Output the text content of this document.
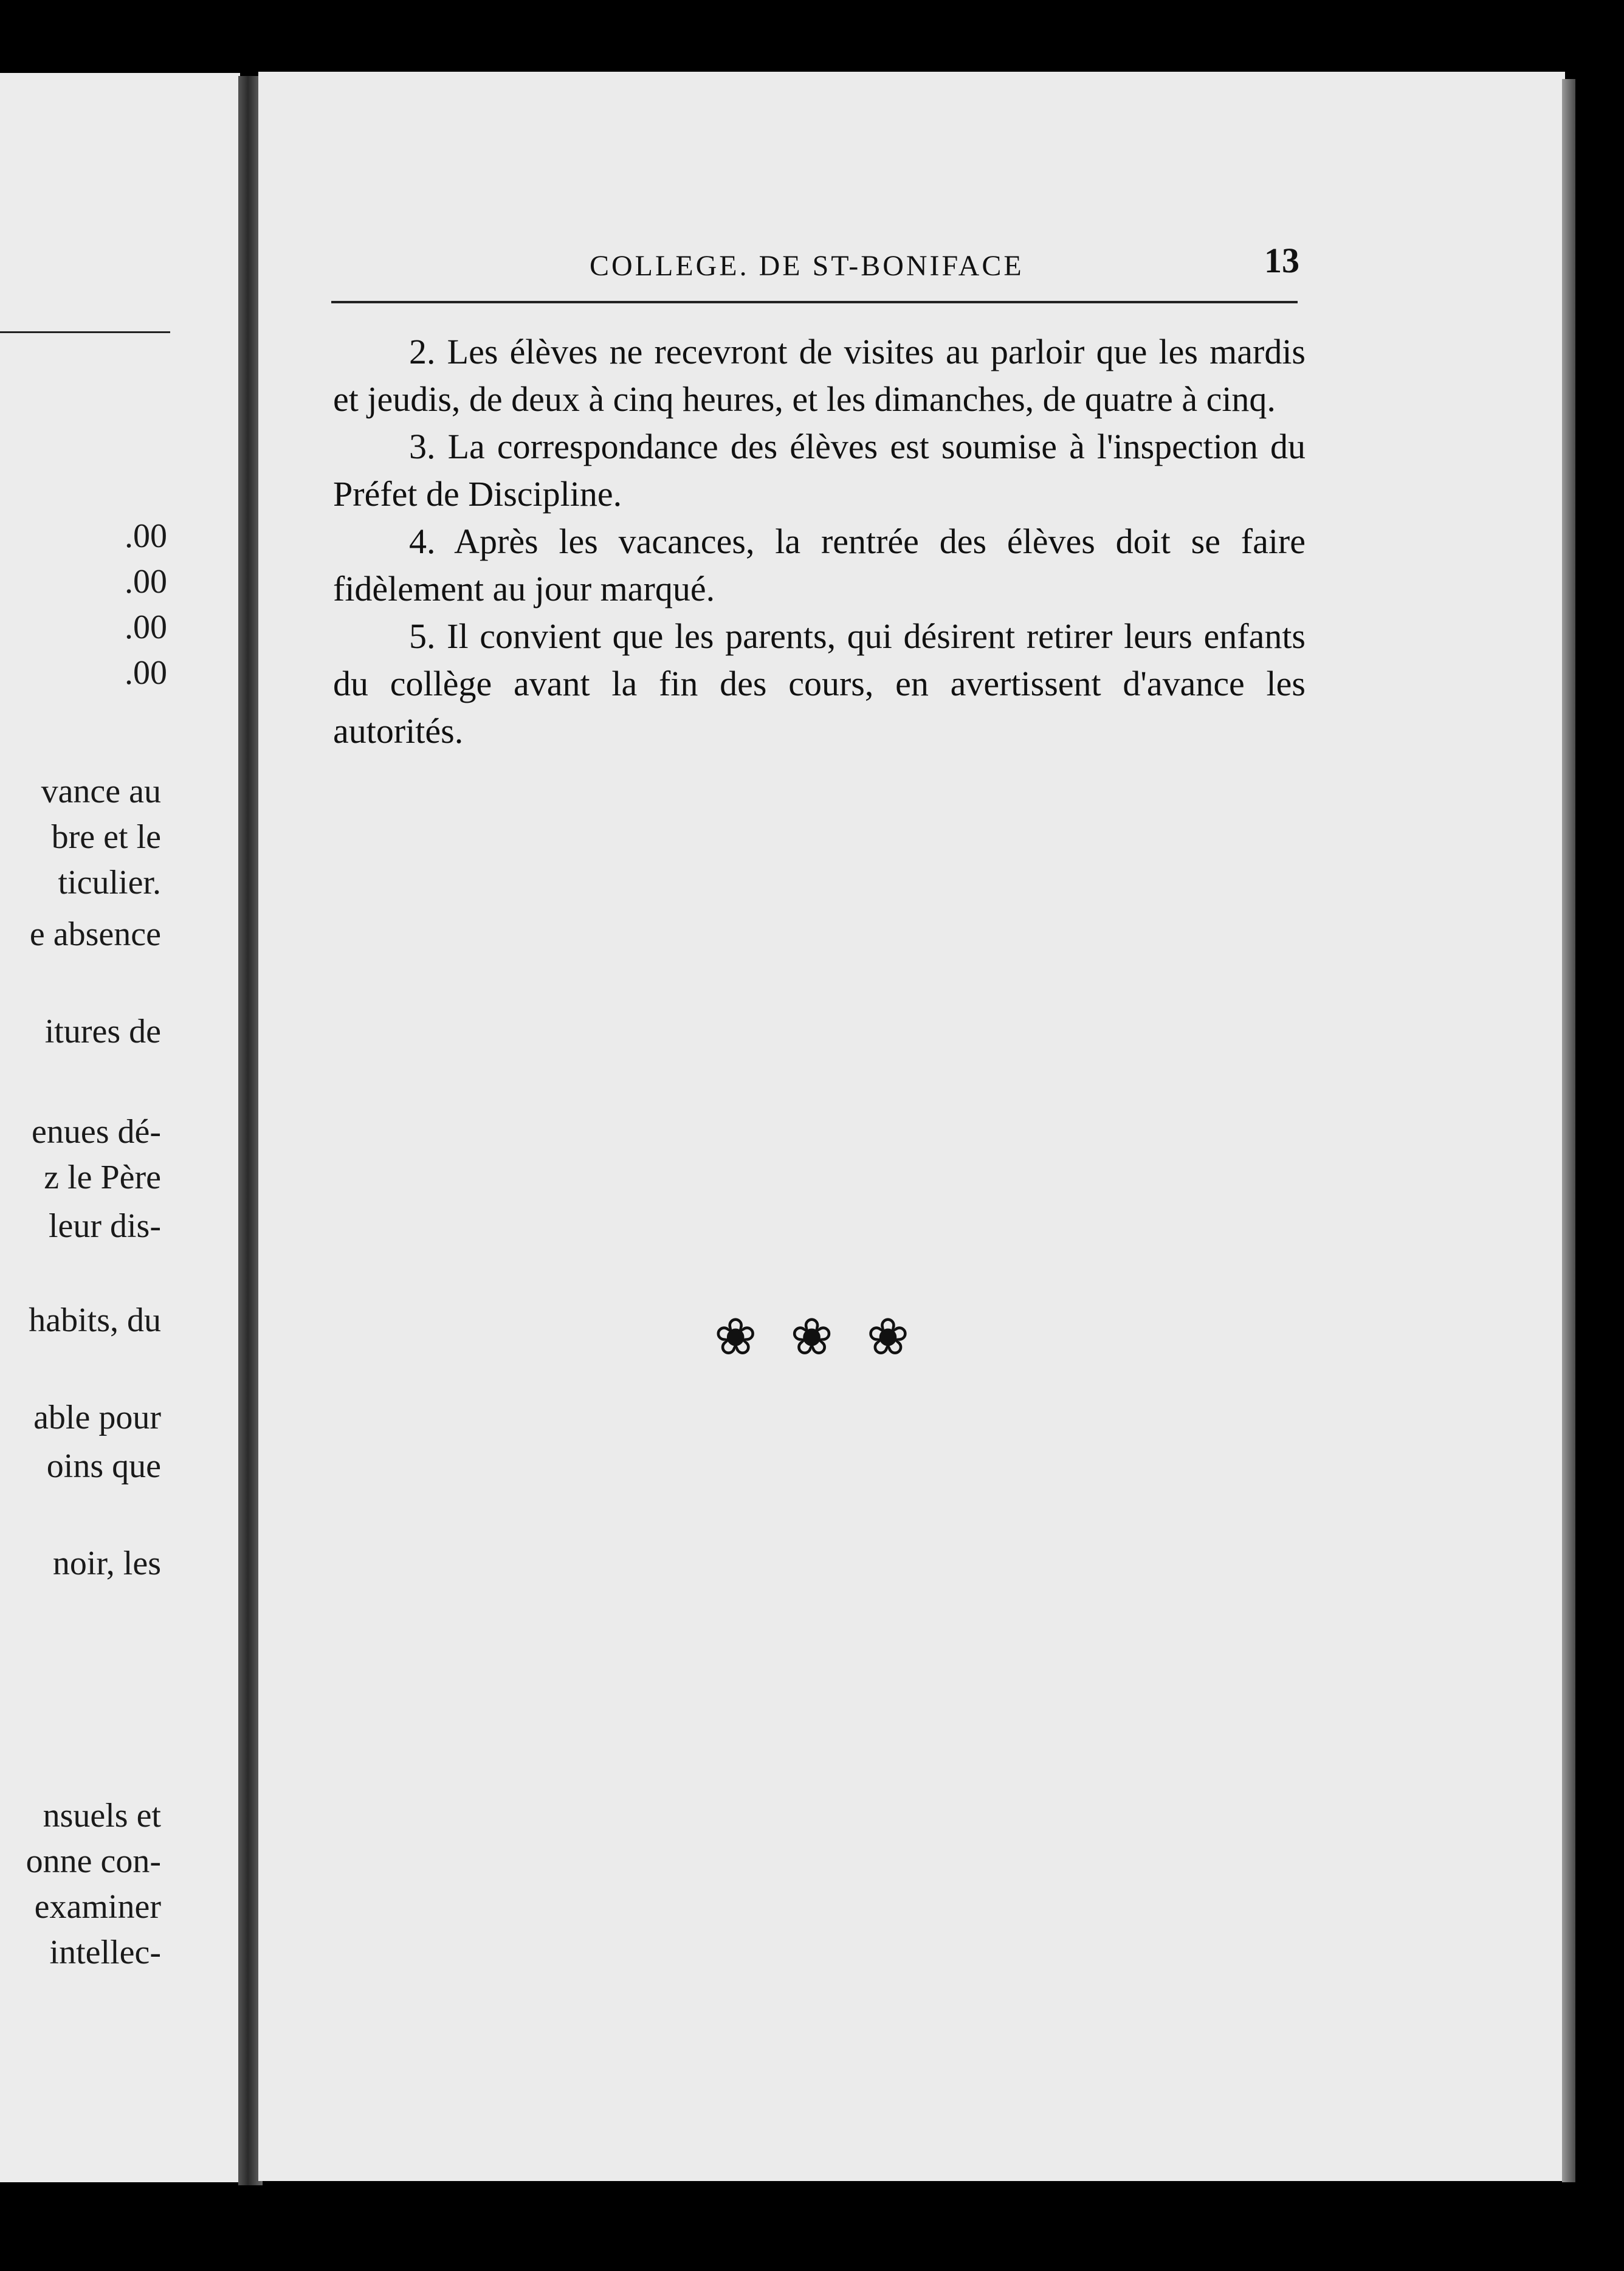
.00
.00
.00
.00
vance au
bre et le
ticulier.
e absence
itures de
enues dé-
z le Père
leur dis-
habits, du
able pour
oins que
noir, les
nsuels et
onne con-
examiner
intellec-
COLLEGE. DE ST-BONIFACE	13

2. Les élèves ne recevront de visites au parloir que les mardis et jeudis, de deux à cinq heures, et les dimanches, de quatre à cinq.

3. La correspondance des élèves est soumise à l'inspection du Préfet de Discipline.

4. Après les vacances, la rentrée des élèves doit se faire fidèlement au jour marqué.

5. Il convient que les parents, qui désirent retirer leurs enfants du collège avant la fin des cours, en avertissent d'avance les autorités.

❀❀❀
